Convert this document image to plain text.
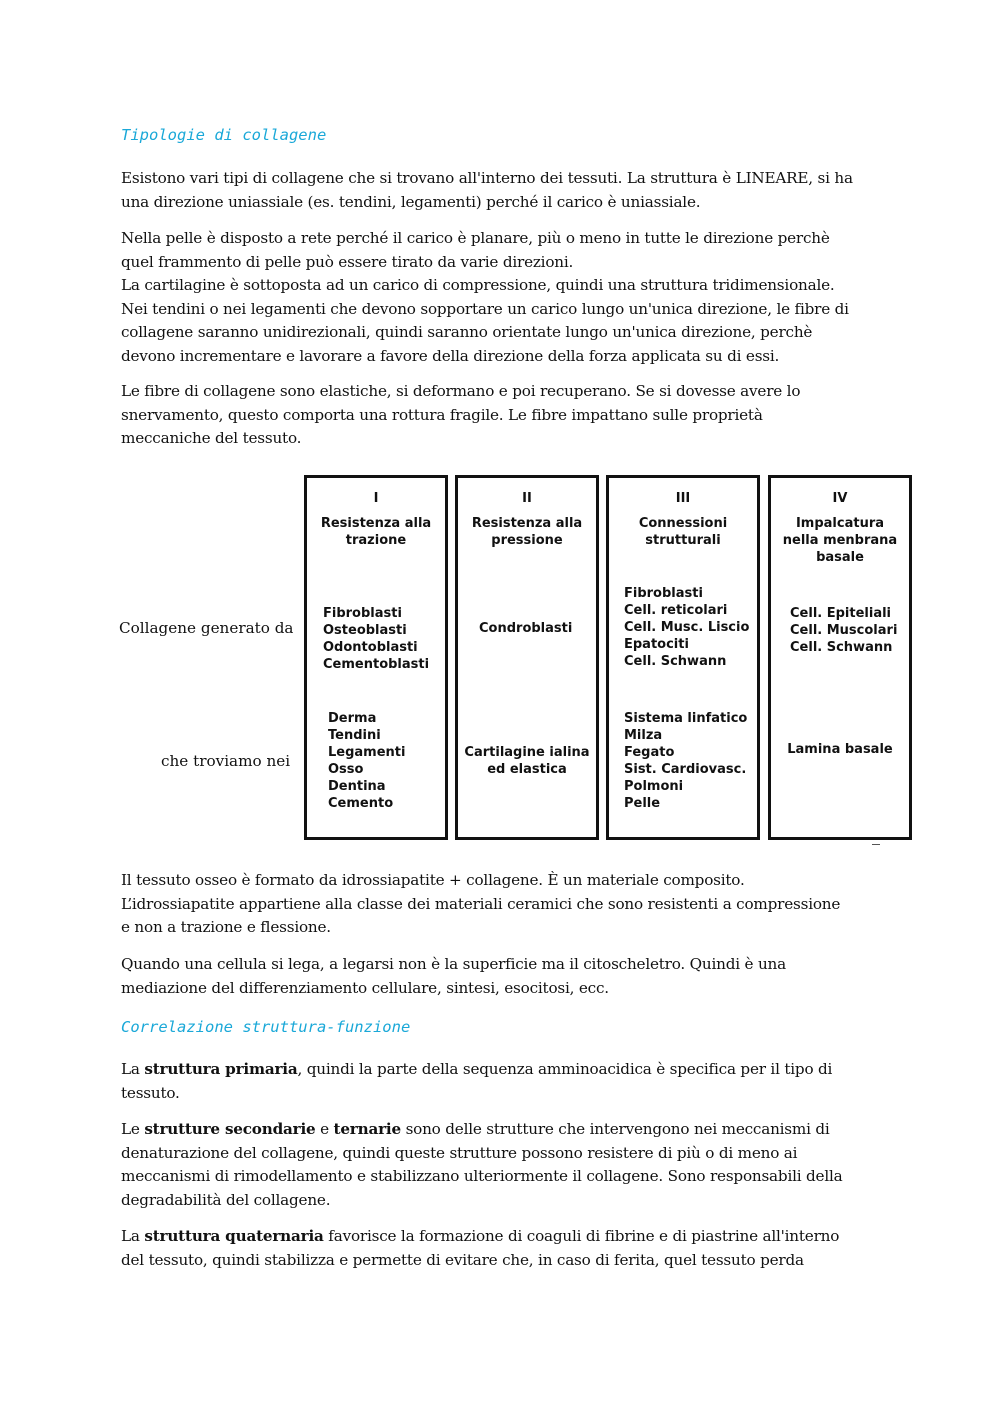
Tipologie di collagene

Esistono vari tipi di collagene che si trovano all'interno dei tessuti. La struttura è LINEARE, si ha
una direzione uniassiale (es. tendini, legamenti) perché il carico è uniassiale.

Nella pelle è disposto a rete perché il carico è planare, più o meno in tutte le direzione perchè
quel frammento di pelle può essere tirato da varie direzioni.
La cartilagine è sottoposta ad un carico di compressione, quindi una struttura tridimensionale.
Nei tendini o nei legamenti che devono sopportare un carico lungo un'unica direzione, le fibre di
collagene saranno unidirezionali, quindi saranno orientate lungo un'unica direzione, perchè
devono incrementare e lavorare a favore della direzione della forza applicata su di essi.

Le fibre di collagene sono elastiche, si deformano e poi recuperano. Se si dovesse avere lo
snervamento, questo comporta una rottura fragile. Le fibre impattano sulle proprietà
meccaniche del tessuto.

Collagene generato da

che troviamo nei

I
Resistenza alla
trazione
Fibroblasti
Osteoblasti
Odontoblasti
Cementoblasti
Derma
Tendini
Legamenti
Osso
Dentina
Cemento
II
Resistenza alla
pressione
Condroblasti
Cartilagine ialina
ed elastica
III
Connessioni
strutturali
Fibroblasti
Cell. reticolari
Cell. Musc. Liscio
Epatociti
Cell. Schwann
Sistema linfatico
Milza
Fegato
Sist. Cardiovasc.
Polmoni
Pelle
IV
Impalcatura
nella menbrana
basale
Cell. Epiteliali
Cell. Muscolari
Cell. Schwann
Lamina basale

Il tessuto osseo è formato da idrossiapatite + collagene. È un materiale composito.
L’idrossiapatite appartiene alla classe dei materiali ceramici che sono resistenti a compressione
e non a trazione e flessione.

Quando una cellula si lega, a legarsi non è la superficie ma il citoscheletro. Quindi è una
mediazione del differenziamento cellulare, sintesi, esocitosi, ecc.

Correlazione struttura-funzione

La struttura primaria, quindi la parte della sequenza amminoacidica è specifica per il tipo di
tessuto.

Le strutture secondarie e ternarie sono delle strutture che intervengono nei meccanismi di
denaturazione del collagene, quindi queste strutture possono resistere di più o di meno ai
meccanismi di rimodellamento e stabilizzano ulteriormente il collagene. Sono responsabili della
degradabilità del collagene.

La struttura quaternaria favorisce la formazione di coaguli di fibrine e di piastrine all'interno
del tessuto, quindi stabilizza e permette di evitare che, in caso di ferita, quel tessuto perda
